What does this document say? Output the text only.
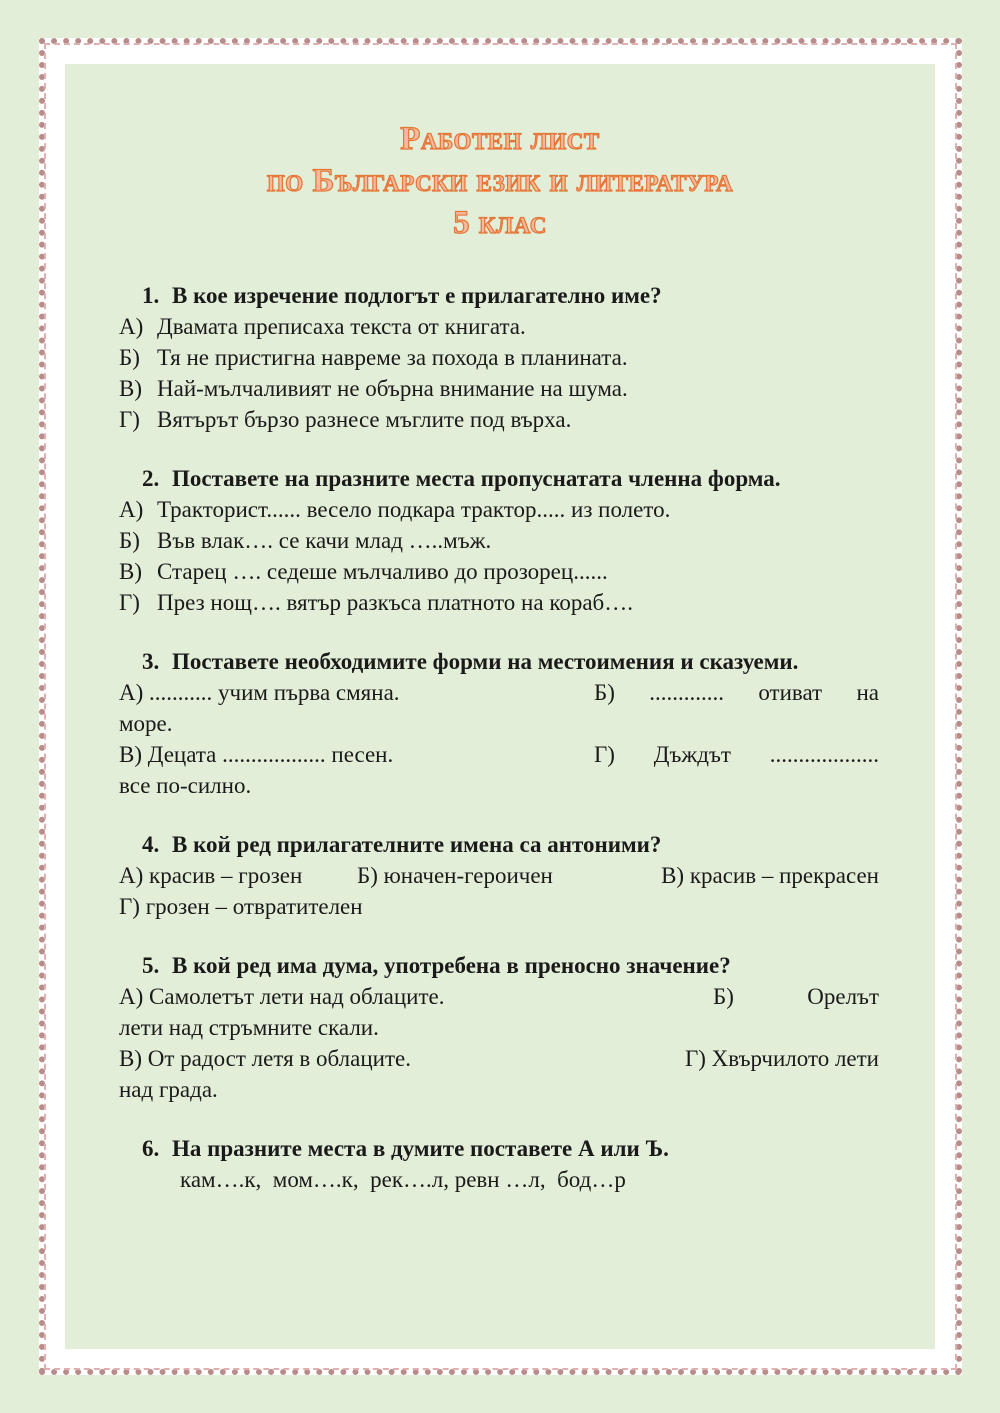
Работен лист
по Български език и литература
5 клас
1. В кое изречение подлогът е прилагателно име?
А) Двамата преписаха текста от книгата.
Б) Тя не пристигна навреме за похода в планината.
В) Най-мълчаливият не обърна внимание на шума.
Г) Вятърът бързо разнесе мъглите под върха.
2. Поставете на празните места пропуснатата членна форма.
А) Тракторист...... весело подкара трактор..... из полето.
Б) Във влак…. се качи млад …..мъж.
В) Старец …. седеше мълчаливо до прозорец......
Г) През нощ…. вятър разкъса платното на кораб….
3. Поставете необходимите форми на местоимения и сказуеми.
А) ........... учим първа смяна.	Б) ............. отиват на
море.
В) Децата .................. песен.	Г) Дъждът ...................
все по-силно.
4. В кой ред прилагателните имена са антоними?
А) красив – грозен	Б) юначен-героичен	В) красив – прекрасен
Г) грозен – отвратителен
5. В кой ред има дума, употребена в преносно значение?
А) Самолетът лети над облаците.	Б) Орелът
лети над стръмните скали.
В) От радост летя в облаците.	Г) Хвърчилото лети
над града.
6. На празните места в думите поставете А или Ъ.
кам….к,  мом….к,  рек….л, ревн …л,  бод…р
